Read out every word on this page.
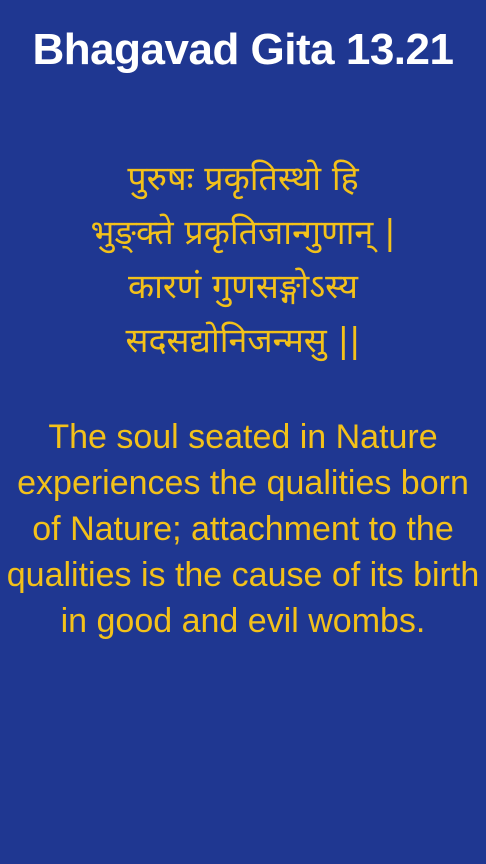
Bhagavad Gita 13.21
पुरुषः प्रकृतिस्थो हि
भुङ्क्ते प्रकृतिजान्गुणान् |
कारणं गुणसङ्गोऽस्य
सदसद्योनिजन्मसु ||
The soul seated in Nature experiences the qualities born of Nature; attachment to the qualities is the cause of its birth in good and evil wombs.
